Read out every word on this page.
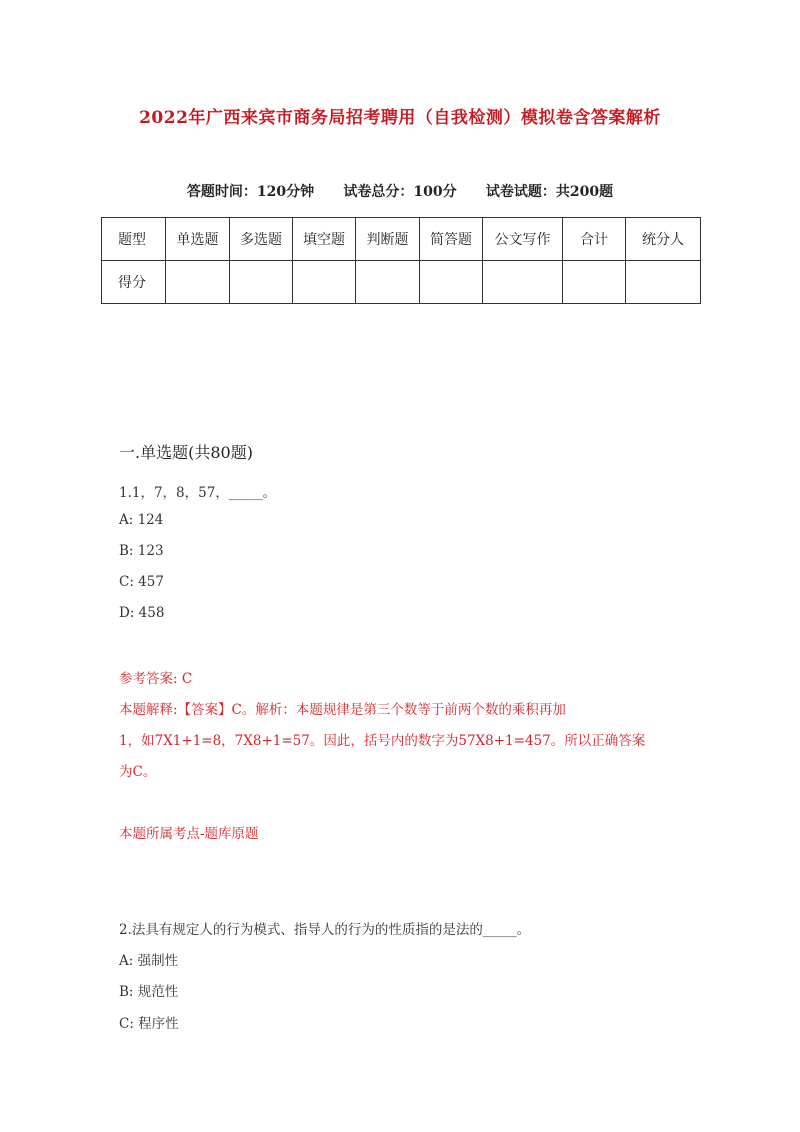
2022年广西来宾市商务局招考聘用（自我检测）模拟卷含答案解析
答题时间：120分钟 试卷总分：100分 试卷试题：共200题
题型	单选题	多选题	填空题	判断题	简答题	公文写作	合计	统分人
得分								
一.单选题(共80题)
1.1，7，8，57，_____。
A: 124
B: 123
C: 457
D: 458
参考答案: C
本题解释:【答案】C。解析：本题规律是第三个数等于前两个数的乘积再加
1，如7X1+1=8，7X8+1=57。因此，括号内的数字为57X8+1=457。所以正确答案
为C。
本题所属考点-题库原题
2.法具有规定人的行为模式、指导人的行为的性质指的是法的_____。
A: 强制性
B: 规范性
C: 程序性
